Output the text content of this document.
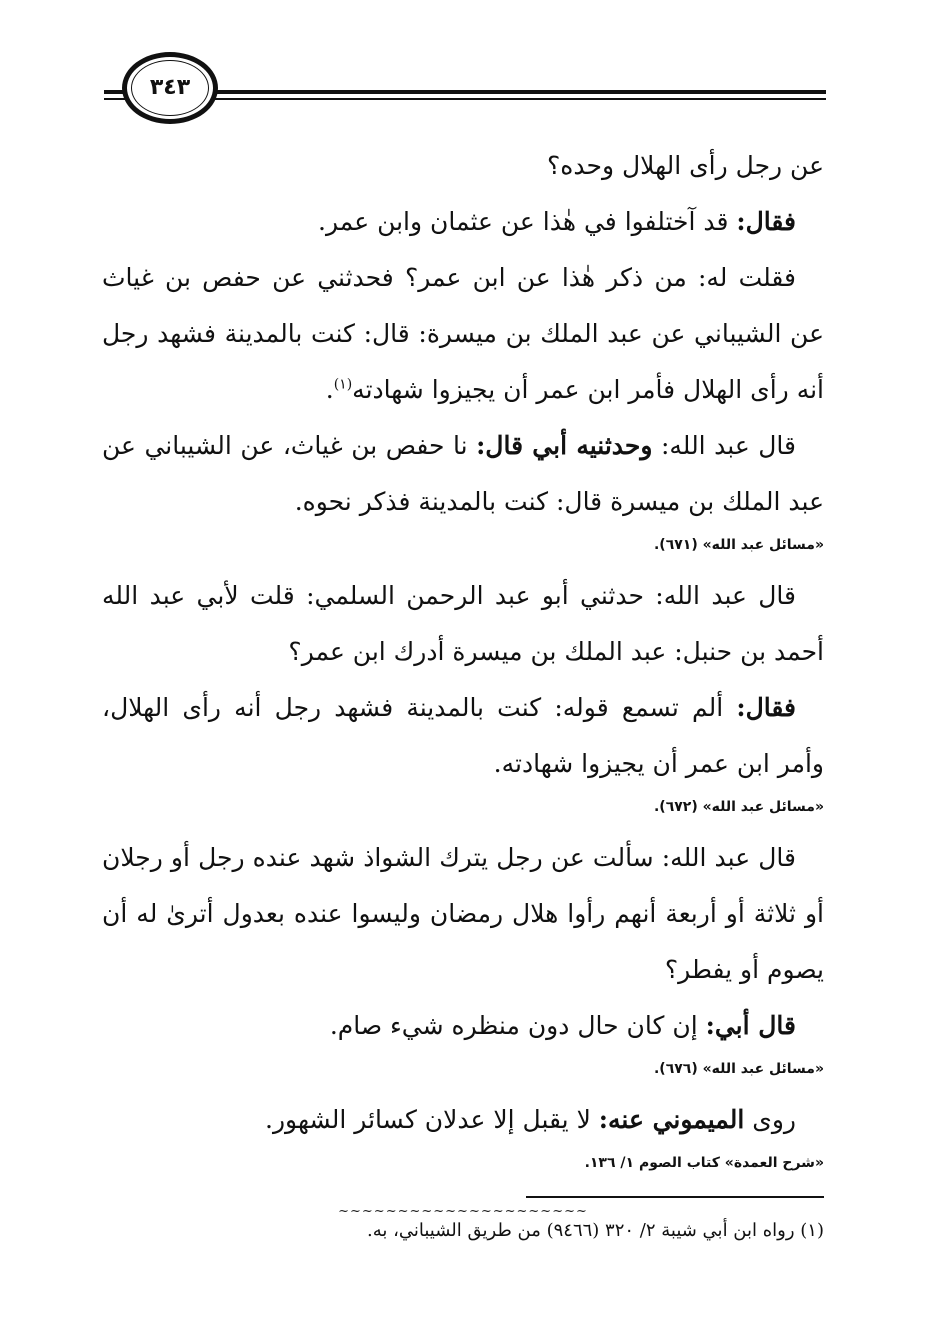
٣٤٣

عن رجل رأى الهلال وحده؟

فقال: قد آختلفوا في هٰذا عن عثمان وابن عمر.

فقلت له: من ذكر هٰذا عن ابن عمر؟ فحدثني عن حفص بن غياث عن الشيباني عن عبد الملك بن ميسرة: قال: كنت بالمدينة فشهد رجل أنه رأى الهلال فأمر ابن عمر أن يجيزوا شهادته$^{(١)}$.

قال عبد الله: وحدثنيه أبي قال: نا حفص بن غياث، عن الشيباني عن عبد الملك بن ميسرة قال: كنت بالمدينة فذكر نحوه.

«مسائل عبد الله» (٦٧١).

قال عبد الله: حدثني أبو عبد الرحمن السلمي: قلت لأبي عبد الله أحمد بن حنبل: عبد الملك بن ميسرة أدرك ابن عمر؟

فقال: ألم تسمع قوله: كنت بالمدينة فشهد رجل أنه رأى الهلال، وأمر ابن عمر أن يجيزوا شهادته.

«مسائل عبد الله» (٦٧٢).

قال عبد الله: سألت عن رجل يترك الشواذ شهد عنده رجل أو رجلان أو ثلاثة أو أربعة أنهم رأوا هلال رمضان وليسوا عنده بعدول أترىٰ له أن يصوم أو يفطر؟

قال أبي: إن كان حال دون منظره شيء صام.

«مسائل عبد الله» (٦٧٦).

روى الميموني عنه: لا يقبل إلا عدلان كسائر الشهور.

«شرح العمدة» كتاب الصوم ١/ ١٣٦.

~~~~~~~~~~~~~~~~~~~~~

(١) رواه ابن أبي شيبة ٢/ ٣٢٠ (٩٤٦٦) من طريق الشيباني، به.
